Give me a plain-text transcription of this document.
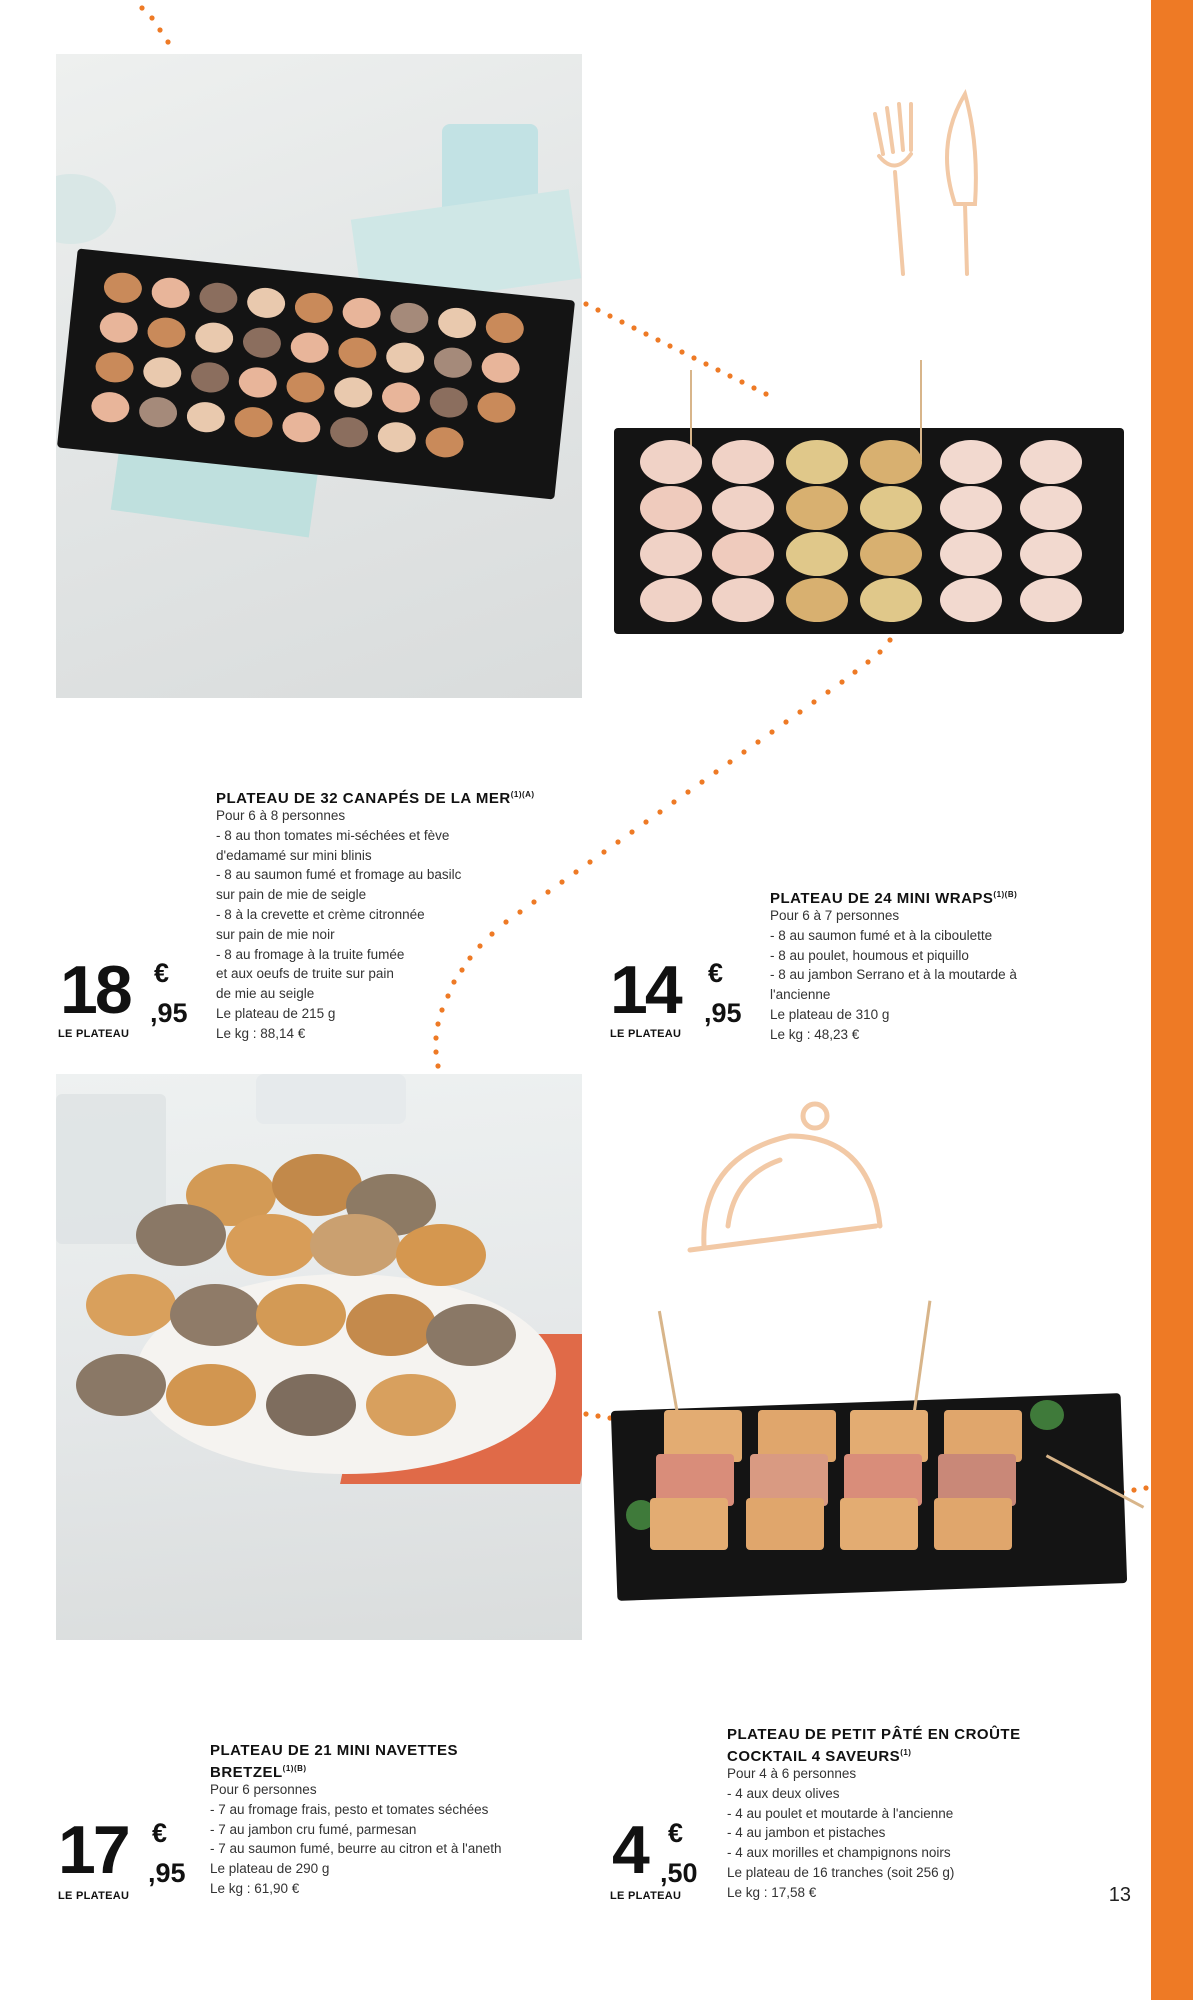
PLATEAU DE 32 CANAPÉS DE LA $MER^{(1)(A)}$
Pour 6 à 8 personnes
- 8 au thon tomates mi-séchées et fève
d'edamamé sur mini blinis
- 8 au saumon fumé et fromage au basilc
sur pain de mie de seigle
- 8 à la crevette et crème citronnée
sur pain de mie noir
- 8 au fromage à la truite fumée
et aux oeufs de truite sur pain
de mie au seigle
Le plateau de 215 g
Le kg : 88,14 €
18 €
,95
LE PLATEAU
PLATEAU DE 24 MINI $WRAPS^{(1)(B)}$
Pour 6 à 7 personnes
- 8 au saumon fumé et à la ciboulette
- 8 au poulet, houmous et piquillo
- 8 au jambon Serrano et à la moutarde à
l'ancienne
Le plateau de 310 g
Le kg : 48,23 €
14 €
,95
LE PLATEAU
PLATEAU DE 21 MINI NAVETTES
$BRETZEL^{(1)(B)}$
Pour 6 personnes
- 7 au fromage frais, pesto et tomates séchées
- 7 au jambon cru fumé, parmesan
- 7 au saumon fumé, beurre au citron et à l'aneth
Le plateau de 290 g
Le kg : 61,90 €
17 €
,95
LE PLATEAU
PLATEAU DE PETIT PÂTÉ EN CROÛTE
COCKTAIL 4 SAVEURS$^{(1)}$
Pour 4 à 6 personnes
- 4 aux deux olives
- 4 au poulet et moutarde à l'ancienne
- 4 au jambon et pistaches
- 4 aux morilles et champignons noirs
Le plateau de 16 tranches (soit 256 g)
Le kg : 17,58 €
4 €
,50
LE PLATEAU	13
